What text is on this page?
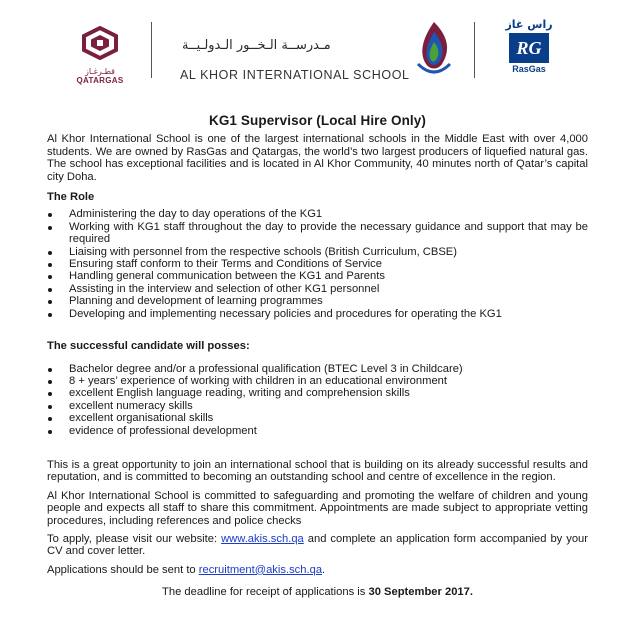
قطـرغـاز
QATARGAS
مـدرســة الـخــور الـدولـيــة
AL KHOR INTERNATIONAL SCHOOL
راس غاز
RG
RasGas
KG1 Supervisor (Local Hire Only)

Al Khor International School is one of the largest international schools in the Middle East with over 4,000 students. We are owned by RasGas and Qatargas, the world’s two largest producers of liquefied natural gas. The school has exceptional facilities and is located in Al Khor Community, 40 minutes north of Qatar’s capital city Doha.

The Role
Administering the day to day operations of the KG1
Working with KG1 staff throughout the day to provide the necessary guidance and support that may be required
Liaising with personnel from the respective schools (British Curriculum, CBSE)
Ensuring staff conform to their Terms and Conditions of Service
Handling general communication between the KG1 and Parents
Assisting in the interview and selection of other KG1 personnel
Planning and development of learning programmes
Developing and implementing necessary policies and procedures for operating the KG1
The successful candidate will posses:
Bachelor degree and/or a professional qualification (BTEC Level 3 in Childcare)
8 + years’ experience of working with children in an educational environment
excellent English language reading, writing and comprehension skills
excellent numeracy skills
excellent organisational skills
evidence of professional development

This is a great opportunity to join an international school that is building on its already successful results and reputation, and is committed to becoming an outstanding school and centre of excellence in the region.

Al Khor International School is committed to safeguarding and promoting the welfare of children and young people and expects all staff to share this commitment. Appointments are made subject to appropriate vetting procedures, including references and police checks

To apply, please visit our website: www.akis.sch.qa and complete an application form accompanied by your CV and cover letter.

Applications should be sent to recruitment@akis.sch.qa.

The deadline for receipt of applications is 30 September 2017.
